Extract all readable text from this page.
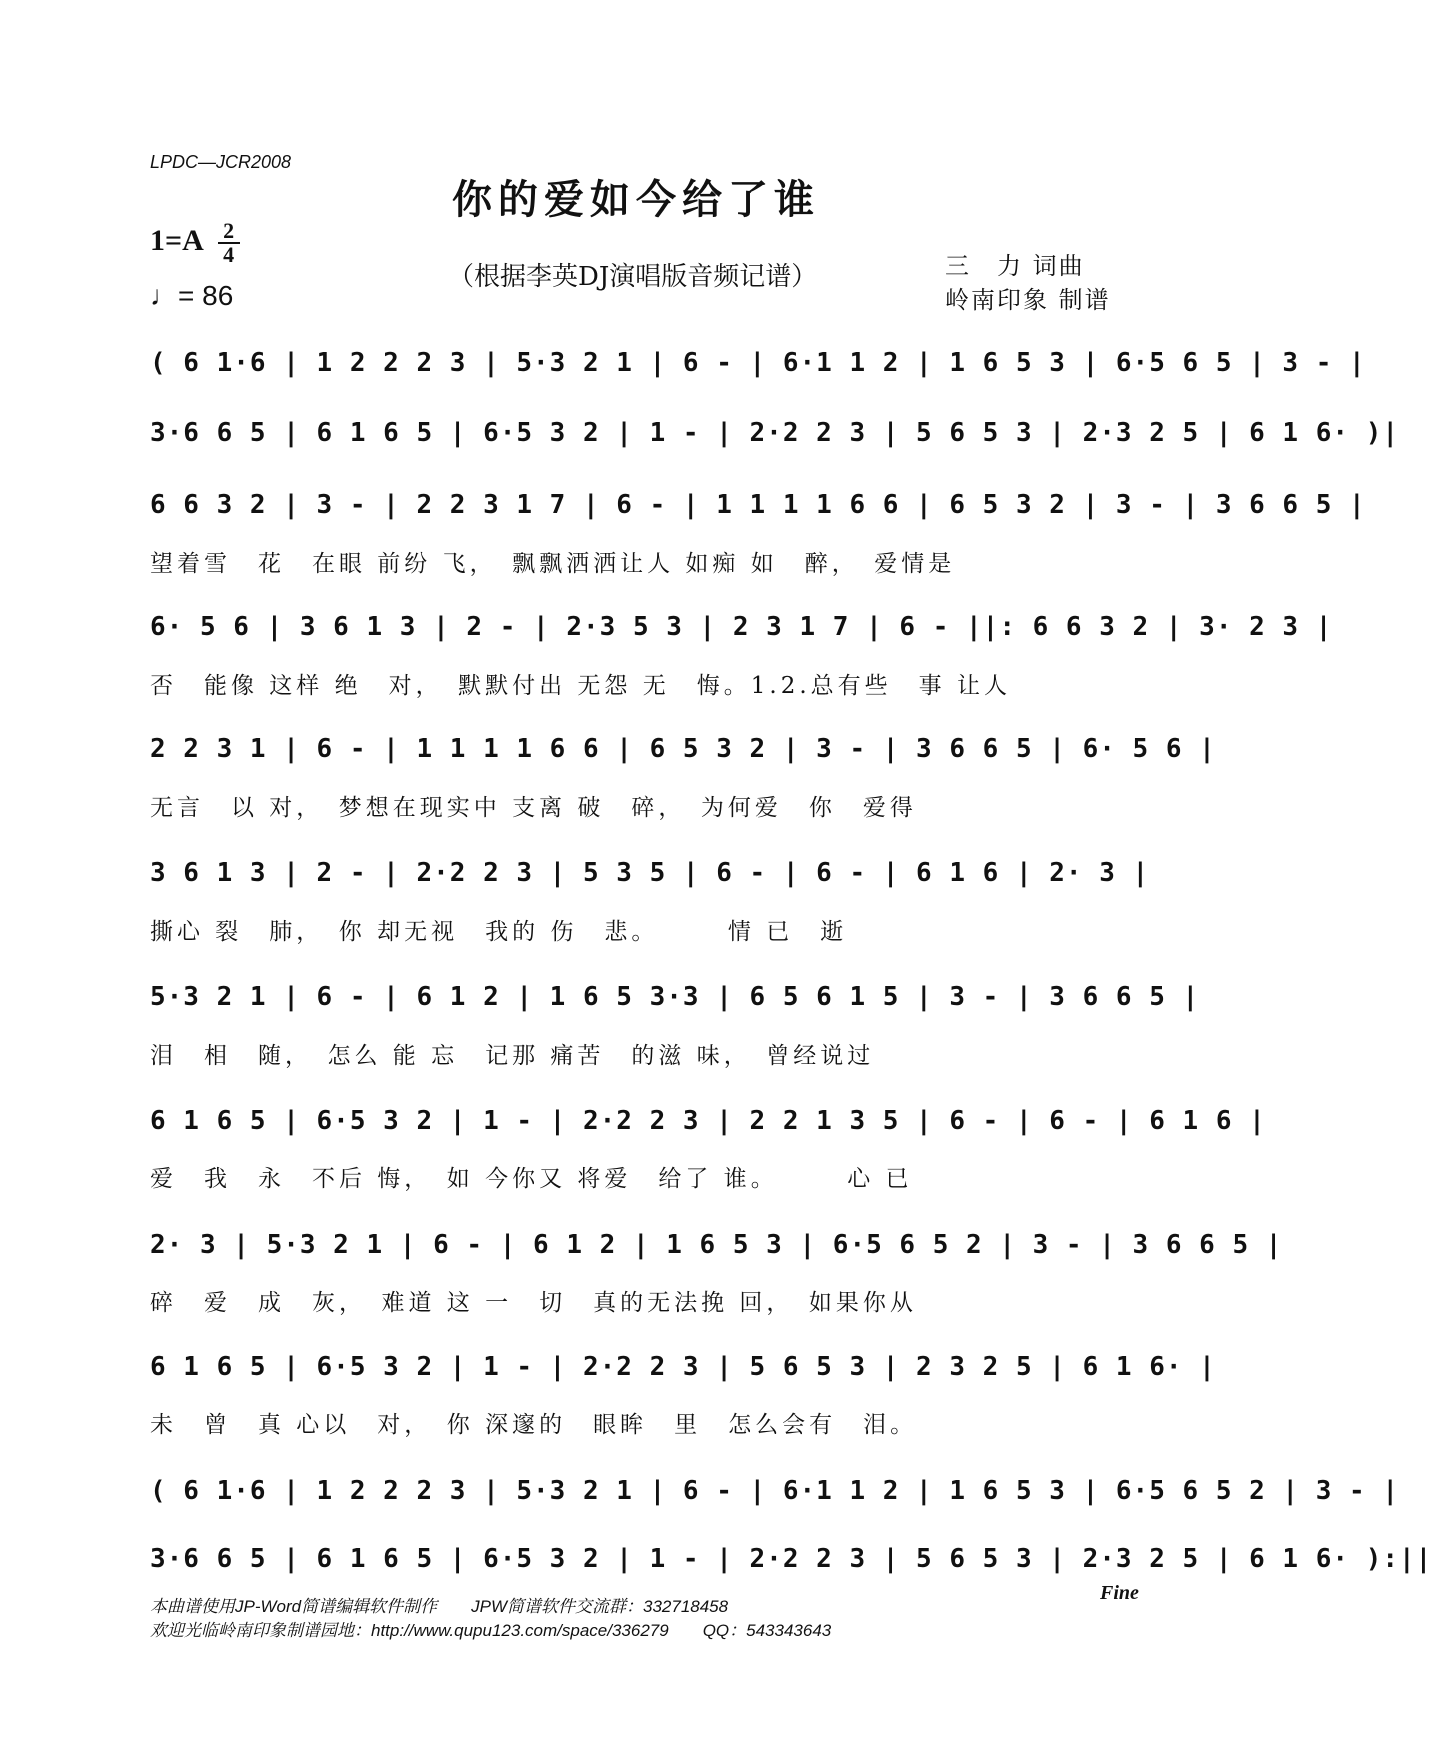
LPDC—JCR2008
你的爱如今给了谁
$1=A \frac{2}{4}$
♩= 86
（根据李英DJ演唱版音频记谱）	三　力 词曲
岭南印象 制谱
( 6 1·6 | 1 2 2 2 3 | 5·3 2 1 | 6 - | 6·1 1 2 | 1 6 5 3 | 6·5 6 5 | 3 - |
3·6 6 5 | 6 1 6 5 | 6·5 3 2 | 1 - | 2·2 2 3 | 5 6 5 3 | 2·3 2 5 | 6 1 6· )|
6 6 3 2 | 3 - | 2 2 3 1 7 | 6 - | 1 1 1 1 6 6 | 6 5 3 2 | 3 - | 3 6 6 5 |
望着雪　花　在眼 前纷 飞，　飘飘洒洒让人 如痴 如　醉，　爱情是
6· 5 6 | 3 6 1 3 | 2 - | 2·3 5 3 | 2 3 1 7 | 6 - ||: 6 6 3 2 | 3· 2 3 |
否　能像 这样 绝　对，　默默付出 无怨 无　悔。1.2.总有些　事 让人
2 2 3 1 | 6 - | 1 1 1 1 6 6 | 6 5 3 2 | 3 - | 3 6 6 5 | 6· 5 6 |
无言　以 对，　梦想在现实中 支离 破　碎，　为何爱　你　爱得
3 6 1 3 | 2 - | 2·2 2 3 | 5 3 5 | 6 - | 6 - | 6 1 6 | 2· 3 |
撕心 裂　肺，　你 却无视　我的 伤　悲。　　　情 已　逝
5·3 2 1 | 6 - | 6 1 2 | 1 6 5 3·3 | 6 5 6 1 5 | 3 - | 3 6 6 5 |
泪　相　随，　怎么 能 忘　记那 痛苦　的滋 味，　曾经说过
6 1 6 5 | 6·5 3 2 | 1 - | 2·2 2 3 | 2 2 1 3 5 | 6 - | 6 - | 6 1 6 |
爱　我　永　不后 悔，　如 今你又 将爱　给了 谁。　　　心 已
2· 3 | 5·3 2 1 | 6 - | 6 1 2 | 1 6 5 3 | 6·5 6 5 2 | 3 - | 3 6 6 5 |
碎　爱　成　灰，　难道 这 一　切　真的无法挽 回，　如果你从
6 1 6 5 | 6·5 3 2 | 1 - | 2·2 2 3 | 5 6 5 3 | 2 3 2 5 | 6 1 6· |
未　曾　真 心以　对，　你 深邃的　眼眸　里　怎么会有　泪。
( 6 1·6 | 1 2 2 2 3 | 5·3 2 1 | 6 - | 6·1 1 2 | 1 6 5 3 | 6·5 6 5 2 | 3 - |
3·6 6 5 | 6 1 6 5 | 6·5 3 2 | 1 - | 2·2 2 3 | 5 6 5 3 | 2·3 2 5 | 6 1 6· ):||
Fine
本曲谱使用JP-Word简谱编辑软件制作　　JPW简谱软件交流群：332718458
欢迎光临岭南印象制谱园地：http://www.qupu123.com/space/336279　　QQ：543343643
